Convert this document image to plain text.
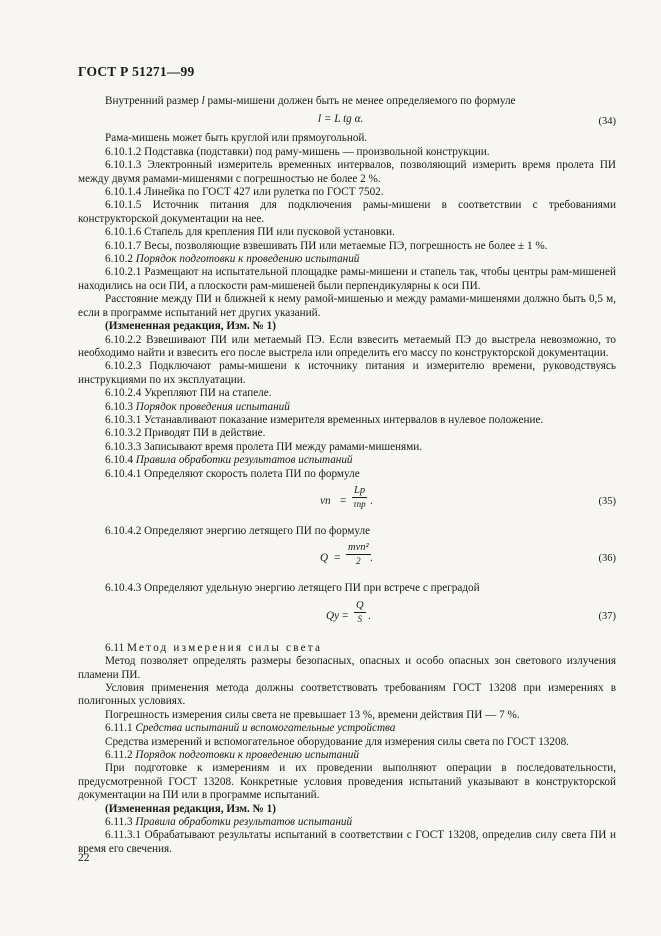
ГОСТ Р 51271—99

Внутренний размер l рамы-мишени должен быть не менее определяемого по формуле

l = L tg α.	(34)

Рама-мишень может быть круглой или прямоугольной.

6.10.1.2 Подставка (подставки) под раму-мишень — произвольной конструкции.

6.10.1.3 Электронный измеритель временных интервалов, позволяющий измерить время пролета ПИ между двумя рамами-мишенями с погрешностью не более 2 %.

6.10.1.4 Линейка по ГОСТ 427 или рулетка по ГОСТ 7502.

6.10.1.5 Источник питания для подключения рамы-мишени в соответствии с требованиями конструкторской документации на нее.

6.10.1.6 Стапель для крепления ПИ или пусковой установки.

6.10.1.7 Весы, позволяющие взвешивать ПИ или метаемые ПЭ, погрешность не более ± 1 %.

6.10.2 Порядок подготовки к проведению испытаний

6.10.2.1 Размещают на испытательной площадке рамы-мишени и стапель так, чтобы центры рам-мишеней находились на оси ПИ, а плоскости рам-мишеней были перпендикулярны к оси ПИ.

Расстояние между ПИ и ближней к нему рамой-мишенью и между рамами-мишенями должно быть 0,5 м, если в программе испытаний нет других указаний.

(Измененная редакция, Изм. № 1)

6.10.2.2 Взвешивают ПИ или метаемый ПЭ. Если взвесить метаемый ПЭ до выстрела невозможно, то необходимо найти и взвесить его после выстрела или определить его массу по конструкторской документации.

6.10.2.3 Подключают рамы-мишени к источнику питания и измерителю времени, руководствуясь инструкциями по их эксплуатации.

6.10.2.4 Укрепляют ПИ на стапеле.

6.10.3 Порядок проведения испытаний

6.10.3.1 Устанавливают показание измерителя временных интервалов в нулевое положение.

6.10.3.2 Приводят ПИ в действие.

6.10.3.3 Записывают время пролета ПИ между рамами-мишенями.

6.10.4 Правила обработки результатов испытаний

6.10.4.1 Определяют скорость полета ПИ по формуле

vп =
Lр
τпр .	(35)

6.10.4.2 Определяют энергию летящего ПИ по формуле

Q =
mvп²
2 .	(36)

6.10.4.3 Определяют удельную энергию летящего ПИ при встрече с преградой

Qу = $\frac{Q}{S}$ .	(37)

6.11 Метод измерения силы света

Метод позволяет определять размеры безопасных, опасных и особо опасных зон светового излучения пламени ПИ.

Условия применения метода должны соответствовать требованиям ГОСТ 13208 при измерениях в полигонных условиях.

Погрешность измерения силы света не превышает 13 %, времени действия ПИ — 7 %.

6.11.1 Средства испытаний и вспомогательные устройства

Средства измерений и вспомогательное оборудование для измерения силы света по ГОСТ 13208.

6.11.2 Порядок подготовки к проведению испытаний

При подготовке к измерениям и их проведении выполняют операции в последовательности, предусмотренной ГОСТ 13208. Конкретные условия проведения испытаний указывают в конструкторской документации на ПИ или в программе испытаний.

(Измененная редакция, Изм. № 1)

6.11.3 Правила обработки результатов испытаний

6.11.3.1 Обрабатывают результаты испытаний в соответствии с ГОСТ 13208, определив силу света ПИ и время его свечения.

22
